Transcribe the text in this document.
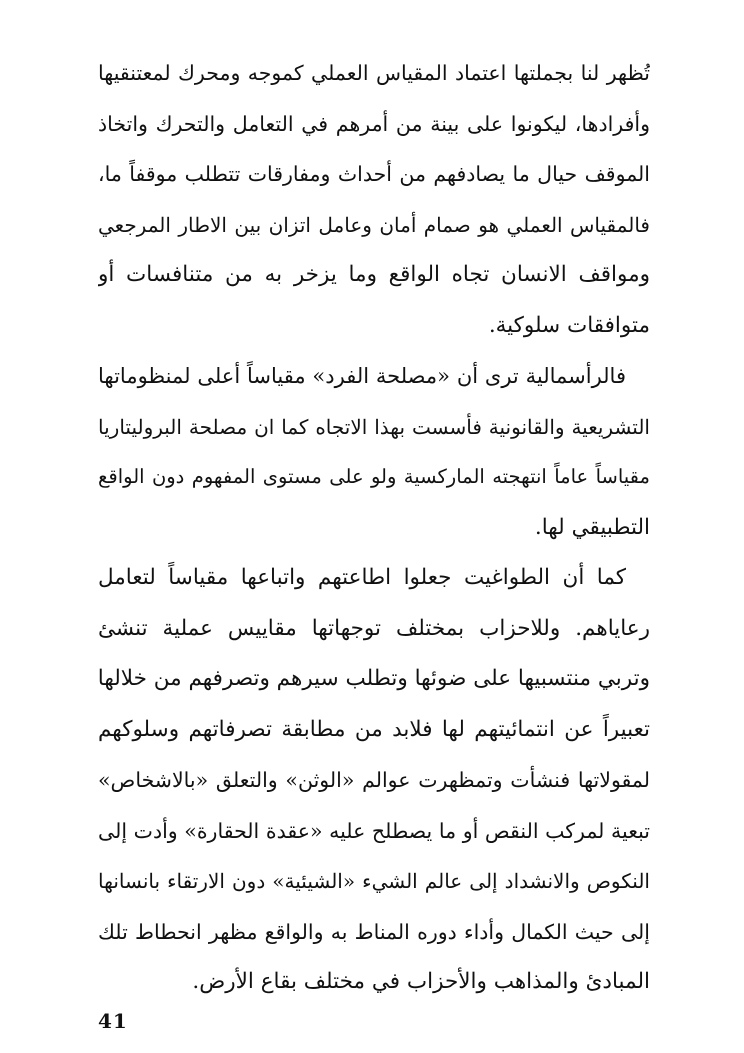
تُظهر لنا بجملتها اعتماد المقياس العملي كموجه ومحرك لمعتنقيها
وأفرادها، ليكونوا على بينة من أمرهم في التعامل والتحرك واتخاذ
الموقف حيال ما يصادفهم من أحداث ومفارقات تتطلب موقفاً ما،
فالمقياس العملي هو صمام أمان وعامل اتزان بين الاطار المرجعي
ومواقف الانسان تجاه الواقع وما يزخر به من متنافسات أو
متوافقات سلوكية.
فالرأسمالية ترى أن «مصلحة الفرد» مقياساً أعلى لمنظوماتها
التشريعية والقانونية فأسست بهذا الاتجاه كما ان مصلحة البروليتاريا
مقياساً عاماً انتهجته الماركسية ولو على مستوى المفهوم دون الواقع
التطبيقي لها.
كما أن الطواغيت جعلوا اطاعتهم واتباعها مقياساً لتعامل
رعاياهم. وللاحزاب بمختلف توجهاتها مقاييس عملية تنشئ
وتربي منتسبيها على ضوئها وتطلب سيرهم وتصرفهم من خلالها
تعبيراً عن انتمائيتهم لها فلابد من مطابقة تصرفاتهم وسلوكهم
لمقولاتها فنشأت وتمظهرت عوالم «الوثن» والتعلق «بالاشخاص»
تبعية لمركب النقص أو ما يصطلح عليه «عقدة الحقارة» وأدت إلى
النكوص والانشداد إلى عالم الشيء «الشيئية» دون الارتقاء بانسانها
إلى حيث الكمال وأداء دوره المناط به والواقع مظهر انحطاط تلك
المبادئ والمذاهب والأحزاب في مختلف بقاع الأرض.
41
